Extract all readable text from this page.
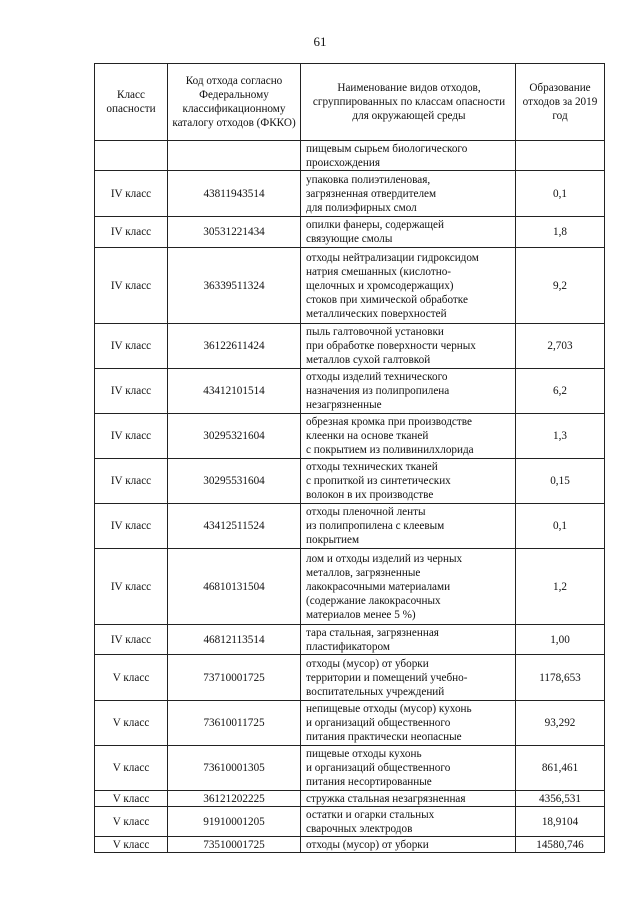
61
Класс опасности	Код отхода согласно Федеральному классификационному каталогу отходов (ФККО)	Наименование видов отходов, сгруппированных по классам опасности для окружающей среды	Образование отходов за 2019 год
		пищевым сырьем биологического
происхождения	
IV класс	43811943514	упаковка полиэтиленовая,
загрязненная отвердителем
для полиэфирных смол	0,1
IV класс	30531221434	опилки фанеры, содержащей
связующие смолы	1,8
IV класс	36339511324	отходы нейтрализации гидроксидом
натрия смешанных (кислотно-
щелочных и хромсодержащих)
стоков при химической обработке
металлических поверхностей	9,2
IV класс	36122611424	пыль галтовочной установки
при обработке поверхности черных
металлов сухой галтовкой	2,703
IV класс	43412101514	отходы изделий технического
назначения из полипропилена
незагрязненные	6,2
IV класс	30295321604	обрезная кромка при производстве
клеенки на основе тканей
с покрытием из поливинилхлорида	1,3
IV класс	30295531604	отходы технических тканей
с пропиткой из синтетических
волокон в их производстве	0,15
IV класс	43412511524	отходы пленочной ленты
из полипропилена с клеевым
покрытием	0,1
IV класс	46810131504	лом и отходы изделий из черных
металлов, загрязненные
лакокрасочными материалами
(содержание лакокрасочных
материалов менее 5 %)	1,2
IV класс	46812113514	тара стальная, загрязненная
пластификатором	1,00
V класс	73710001725	отходы (мусор) от уборки
территории и помещений учебно-
воспитательных учреждений	1178,653
V класс	73610011725	непищевые отходы (мусор) кухонь
и организаций общественного
питания практически неопасные	93,292
V класс	73610001305	пищевые отходы кухонь
и организаций общественного
питания несортированные	861,461
V класс	36121202225	стружка стальная незагрязненная	4356,531
V класс	91910001205	остатки и огарки стальных
сварочных электродов	18,9104
V класс	73510001725	отходы (мусор) от уборки	14580,746
